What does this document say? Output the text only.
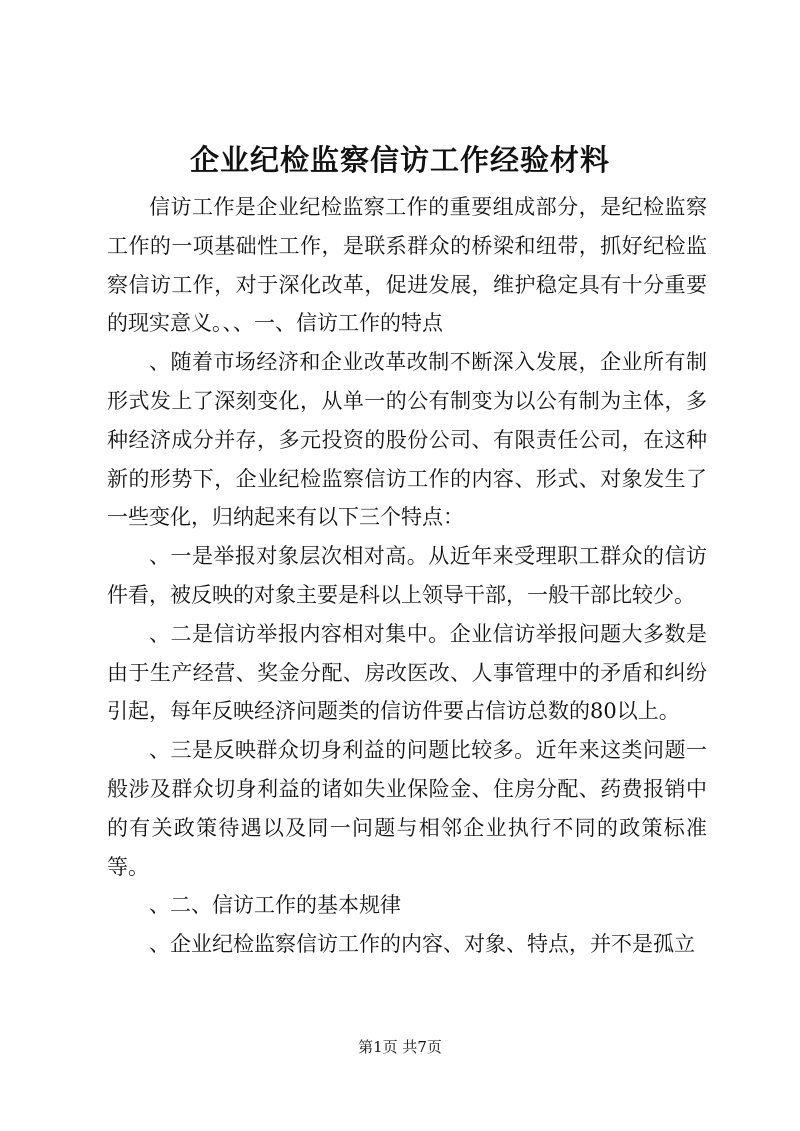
企业纪检监察信访工作经验材料

信访工作是企业纪检监察工作的重要组成部分，是纪检监察工作的一项基础性工作，是联系群众的桥梁和纽带，抓好纪检监察信访工作，对于深化改革，促进发展，维护稳定具有十分重要的现实意义。、、一、信访工作的特点

、随着市场经济和企业改革改制不断深入发展，企业所有制形式发上了深刻变化，从单一的公有制变为以公有制为主体，多种经济成分并存，多元投资的股份公司、有限责任公司，在这种新的形势下，企业纪检监察信访工作的内容、形式、对象发生了一些变化，归纳起来有以下三个特点：

、一是举报对象层次相对高。从近年来受理职工群众的信访件看，被反映的对象主要是科以上领导干部，一般干部比较少。

、二是信访举报内容相对集中。企业信访举报问题大多数是由于生产经营、奖金分配、房改医改、人事管理中的矛盾和纠纷引起，每年反映经济问题类的信访件要占信访总数的80以上。

、三是反映群众切身利益的问题比较多。近年来这类问题一般涉及群众切身利益的诸如失业保险金、住房分配、药费报销中的有关政策待遇以及同一问题与相邻企业执行不同的政策标准等。

、二、信访工作的基本规律

、企业纪检监察信访工作的内容、对象、特点，并不是孤立

第1页 共7页
